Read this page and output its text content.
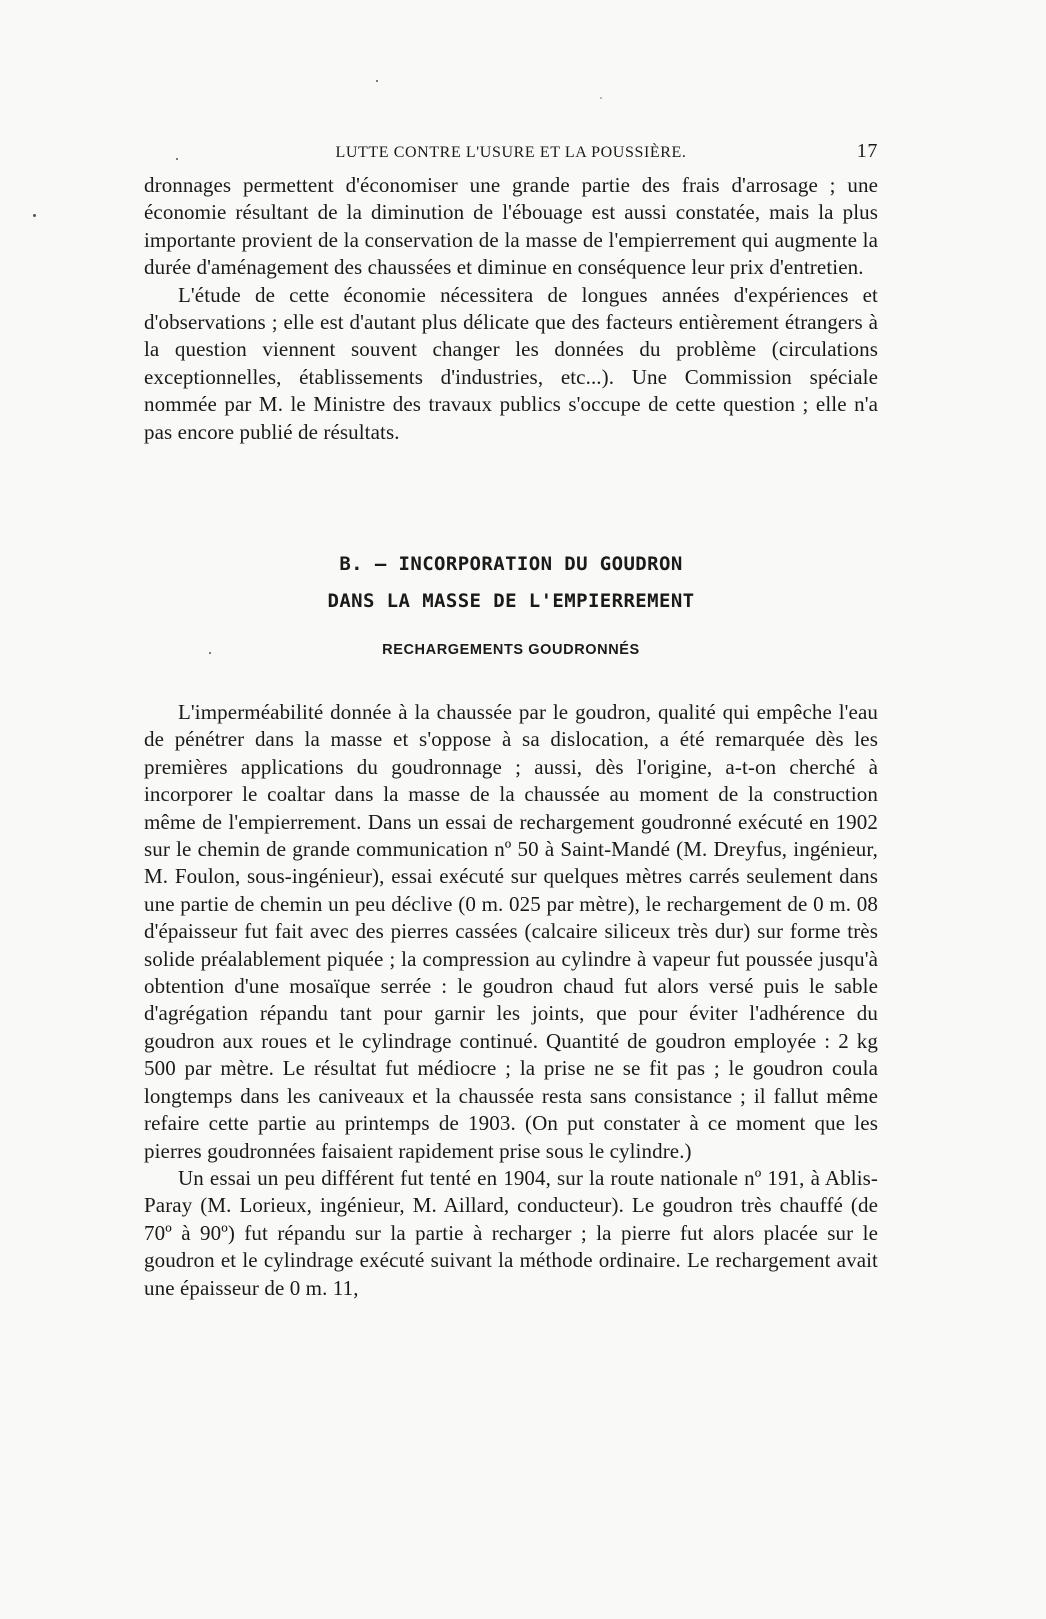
LUTTE CONTRE L'USURE ET LA POUSSIÈRE.	17

dronnages permettent d'économiser une grande partie des frais d'arrosage ; une économie résultant de la diminution de l'ébouage est aussi constatée, mais la plus importante provient de la conservation de la masse de l'empierrement qui augmente la durée d'aménagement des chaussées et diminue en conséquence leur prix d'entretien.

L'étude de cette économie nécessitera de longues années d'expériences et d'observations ; elle est d'autant plus délicate que des facteurs entièrement étrangers à la question viennent souvent changer les données du problème (circulations exceptionnelles, établissements d'industries, etc...). Une Commission spéciale nommée par M. le Ministre des travaux publics s'occupe de cette question ; elle n'a pas encore publié de résultats.

B. — INCORPORATION DU GOUDRON
DANS LA MASSE DE L'EMPIERREMENT
RECHARGEMENTS GOUDRONNÉS

L'imperméabilité donnée à la chaussée par le goudron, qualité qui empêche l'eau de pénétrer dans la masse et s'oppose à sa dislocation, a été remarquée dès les premières applications du goudronnage ; aussi, dès l'origine, a-t-on cherché à incorporer le coaltar dans la masse de la chaussée au moment de la construction même de l'empierrement. Dans un essai de rechargement goudronné exécuté en 1902 sur le chemin de grande communication nº 50 à Saint-Mandé (M. Dreyfus, ingénieur, M. Foulon, sous-ingénieur), essai exécuté sur quelques mètres carrés seulement dans une partie de chemin un peu déclive (0 m. 025 par mètre), le rechargement de 0 m. 08 d'épaisseur fut fait avec des pierres cassées (calcaire siliceux très dur) sur forme très solide préalablement piquée ; la compression au cylindre à vapeur fut poussée jusqu'à obtention d'une mosaïque serrée : le goudron chaud fut alors versé puis le sable d'agrégation répandu tant pour garnir les joints, que pour éviter l'adhérence du goudron aux roues et le cylindrage continué. Quantité de goudron employée : 2 kg 500 par mètre. Le résultat fut médiocre ; la prise ne se fit pas ; le goudron coula longtemps dans les caniveaux et la chaussée resta sans consistance ; il fallut même refaire cette partie au printemps de 1903. (On put constater à ce moment que les pierres goudronnées faisaient rapidement prise sous le cylindre.)

Un essai un peu différent fut tenté en 1904, sur la route nationale nº 191, à Ablis-Paray (M. Lorieux, ingénieur, M. Aillard, conducteur). Le goudron très chauffé (de 70º à 90º) fut répandu sur la partie à recharger ; la pierre fut alors placée sur le goudron et le cylindrage exécuté suivant la méthode ordinaire. Le rechargement avait une épaisseur de 0 m. 11,
